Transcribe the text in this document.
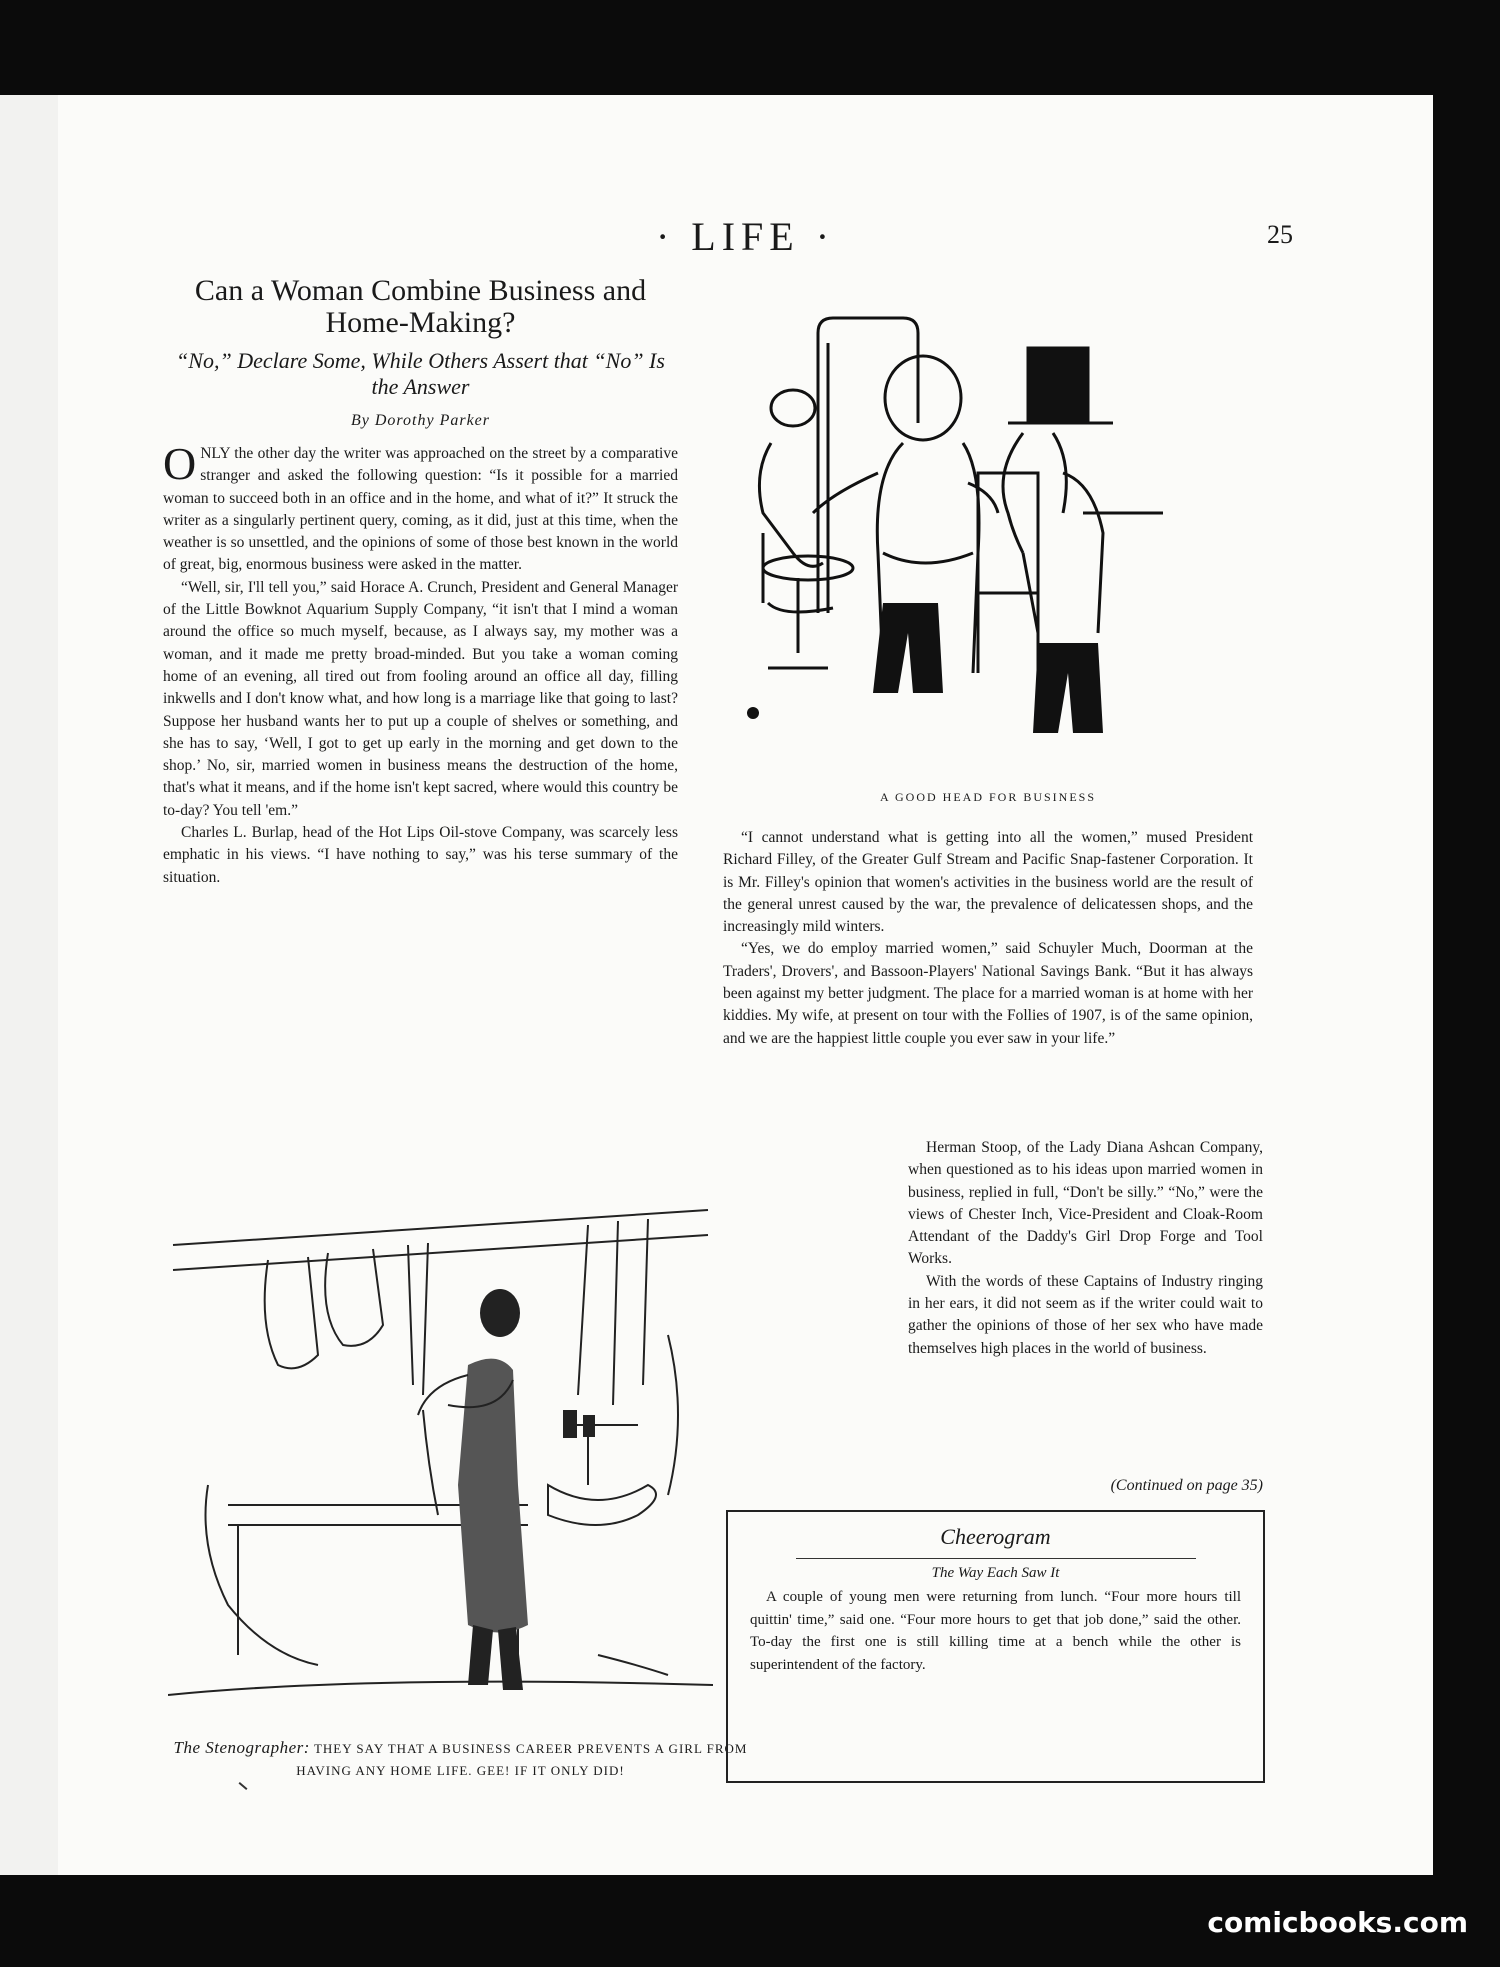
· LIFE ·	25
Can a Woman Combine Business and Home-Making?
“No,” Declare Some, While Others Assert that “No” Is the Answer
By Dorothy Parker

ONLY the other day the writer was approached on the street by a comparative stranger and asked the following question: “Is it possible for a married woman to succeed both in an office and in the home, and what of it?” It struck the writer as a singularly pertinent query, coming, as it did, just at this time, when the weather is so unsettled, and the opinions of some of those best known in the world of great, big, enormous business were asked in the matter.

“Well, sir, I'll tell you,” said Horace A. Crunch, President and General Manager of the Little Bowknot Aquarium Supply Company, “it isn't that I mind a woman around the office so much myself, because, as I always say, my mother was a woman, and it made me pretty broad-minded. But you take a woman coming home of an evening, all tired out from fooling around an office all day, filling inkwells and I don't know what, and how long is a marriage like that going to last? Suppose her husband wants her to put up a couple of shelves or something, and she has to say, ‘Well, I got to get up early in the morning and get down to the shop.’ No, sir, married women in business means the destruction of the home, that's what it means, and if the home isn't kept sacred, where would this country be to-day? You tell 'em.”

Charles L. Burlap, head of the Hot Lips Oil-stove Company, was scarcely less emphatic in his views. “I have nothing to say,” was his terse summary of the situation.

A GOOD HEAD FOR BUSINESS

“I cannot understand what is getting into all the women,” mused President Richard Filley, of the Greater Gulf Stream and Pacific Snap-fastener Corporation. It is Mr. Filley's opinion that women's activities in the business world are the result of the general unrest caused by the war, the prevalence of delicatessen shops, and the increasingly mild winters.

“Yes, we do employ married women,” said Schuyler Much, Doorman at the Traders', Drovers', and Bassoon-Players' National Savings Bank. “But it has always been against my better judgment. The place for a married woman is at home with her kiddies. My wife, at present on tour with the Follies of 1907, is of the same opinion, and we are the happiest little couple you ever saw in your life.”

Herman Stoop, of the Lady Diana Ashcan Company, when questioned as to his ideas upon married women in business, replied in full, “Don't be silly.” “No,” were the views of Chester Inch, Vice-President and Cloak-Room Attendant of the Daddy's Girl Drop Forge and Tool Works.

With the words of these Captains of Industry ringing in her ears, it did not seem as if the writer could wait to gather the opinions of those of her sex who have made themselves high places in the world of business.

(Continued on page 35)
The Stenographer: THEY SAY THAT A BUSINESS CAREER PREVENTS A GIRL FROM
HAVING ANY HOME LIFE. GEE! IF IT ONLY DID!
Cheerogram
The Way Each Saw It
A couple of young men were returning from lunch. “Four more hours till quittin' time,” said one. “Four more hours to get that job done,” said the other. To-day the first one is still killing time at a bench while the other is superintendent of the factory.
comicbooks.com
